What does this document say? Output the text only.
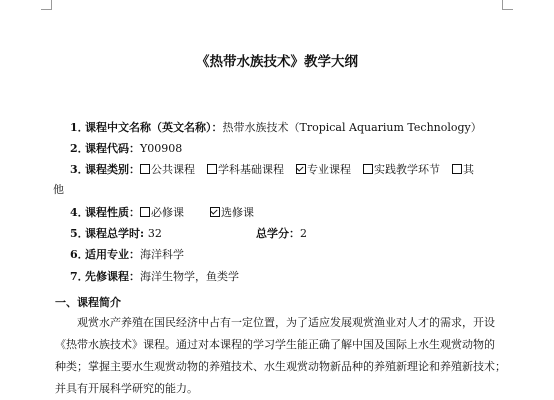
《热带水族技术》教学大纲
1．课程中文名称（英文名称）：热带水族技术（Tropical Aquarium Technology）
2．课程代码：Y00908
3．课程类别： 公共课程 学科基础课程 专业课程 实践教学环节 其
他
4．课程性质： 必修课	选修课
5．课程总学时: 32	总学分：2
6．适用专业：海洋科学
7．先修课程：海洋生物学，鱼类学
一、课程简介
观赏水产养殖在国民经济中占有一定位置，为了适应发展观赏渔业对人才的需求，开设
《热带水族技术》课程。通过对本课程的学习学生能正确了解中国及国际上水生观赏动物的
种类；掌握主要水生观赏动物的养殖技术、水生观赏动物新品种的养殖新理论和养殖新技术；
并具有开展科学研究的能力。
